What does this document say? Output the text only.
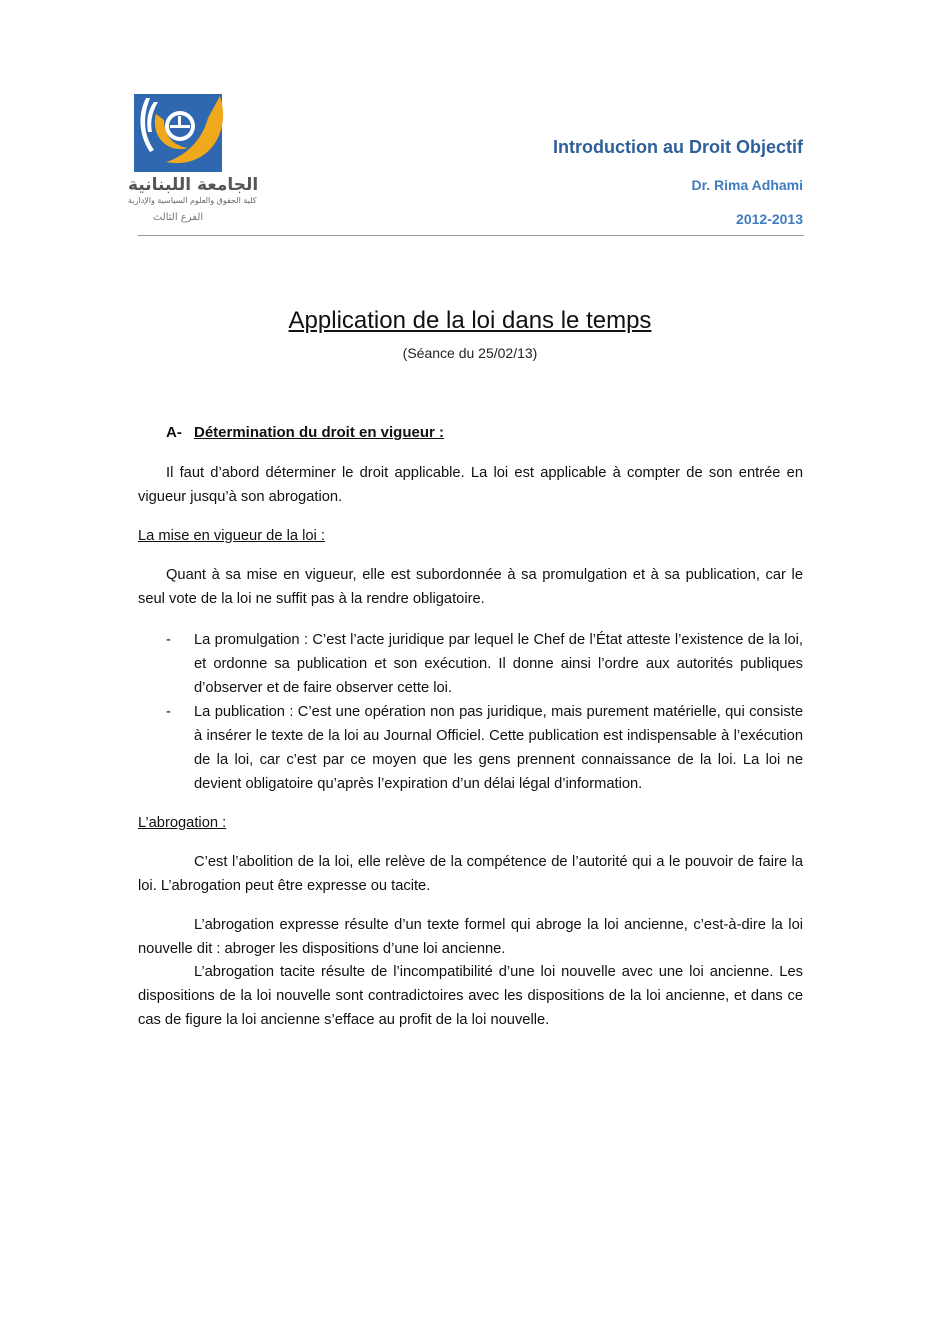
الجامعة اللبنانية
كلية الحقوق والعلوم السياسية والإدارية
الفرع الثالث
Introduction au Droit Objectif
Dr. Rima Adhami
2012-2013
Application de la loi dans le temps
(Séance du 25/02/13)
A- Détermination du droit en vigueur :
Il faut d’abord déterminer le droit applicable. La loi est applicable à compter de son entrée en vigueur jusqu’à son abrogation.
La mise en vigueur de la loi :
Quant à sa mise en vigueur, elle est subordonnée à sa promulgation et à sa publication, car le seul vote de la loi ne suffit pas à la rendre obligatoire.
- La promulgation : C’est l’acte juridique par lequel le Chef de l’État atteste l’existence de la loi, et ordonne sa publication et son exécution. Il donne ainsi l’ordre aux autorités publiques d’observer et de faire observer cette loi.
- La publication : C’est une opération non pas juridique, mais purement matérielle, qui consiste à insérer le texte de la loi au Journal Officiel. Cette publication est indispensable à l’exécution de la loi, car c’est par ce moyen que les gens prennent connaissance de la loi. La loi ne devient obligatoire qu’après l’expiration d’un délai légal d’information.
L’abrogation :
C’est l’abolition de la loi, elle relève de la compétence de l’autorité qui a le pouvoir de faire la loi. L’abrogation peut être expresse ou tacite.
L’abrogation expresse résulte d’un texte formel qui abroge la loi ancienne, c’est-à-dire la loi nouvelle dit : abroger les dispositions d’une loi ancienne.
L’abrogation tacite résulte de l’incompatibilité d’une loi nouvelle avec une loi ancienne. Les dispositions de la loi nouvelle sont contradictoires avec les dispositions de la loi ancienne, et dans ce cas de figure la loi ancienne s’efface au profit de la loi nouvelle.
